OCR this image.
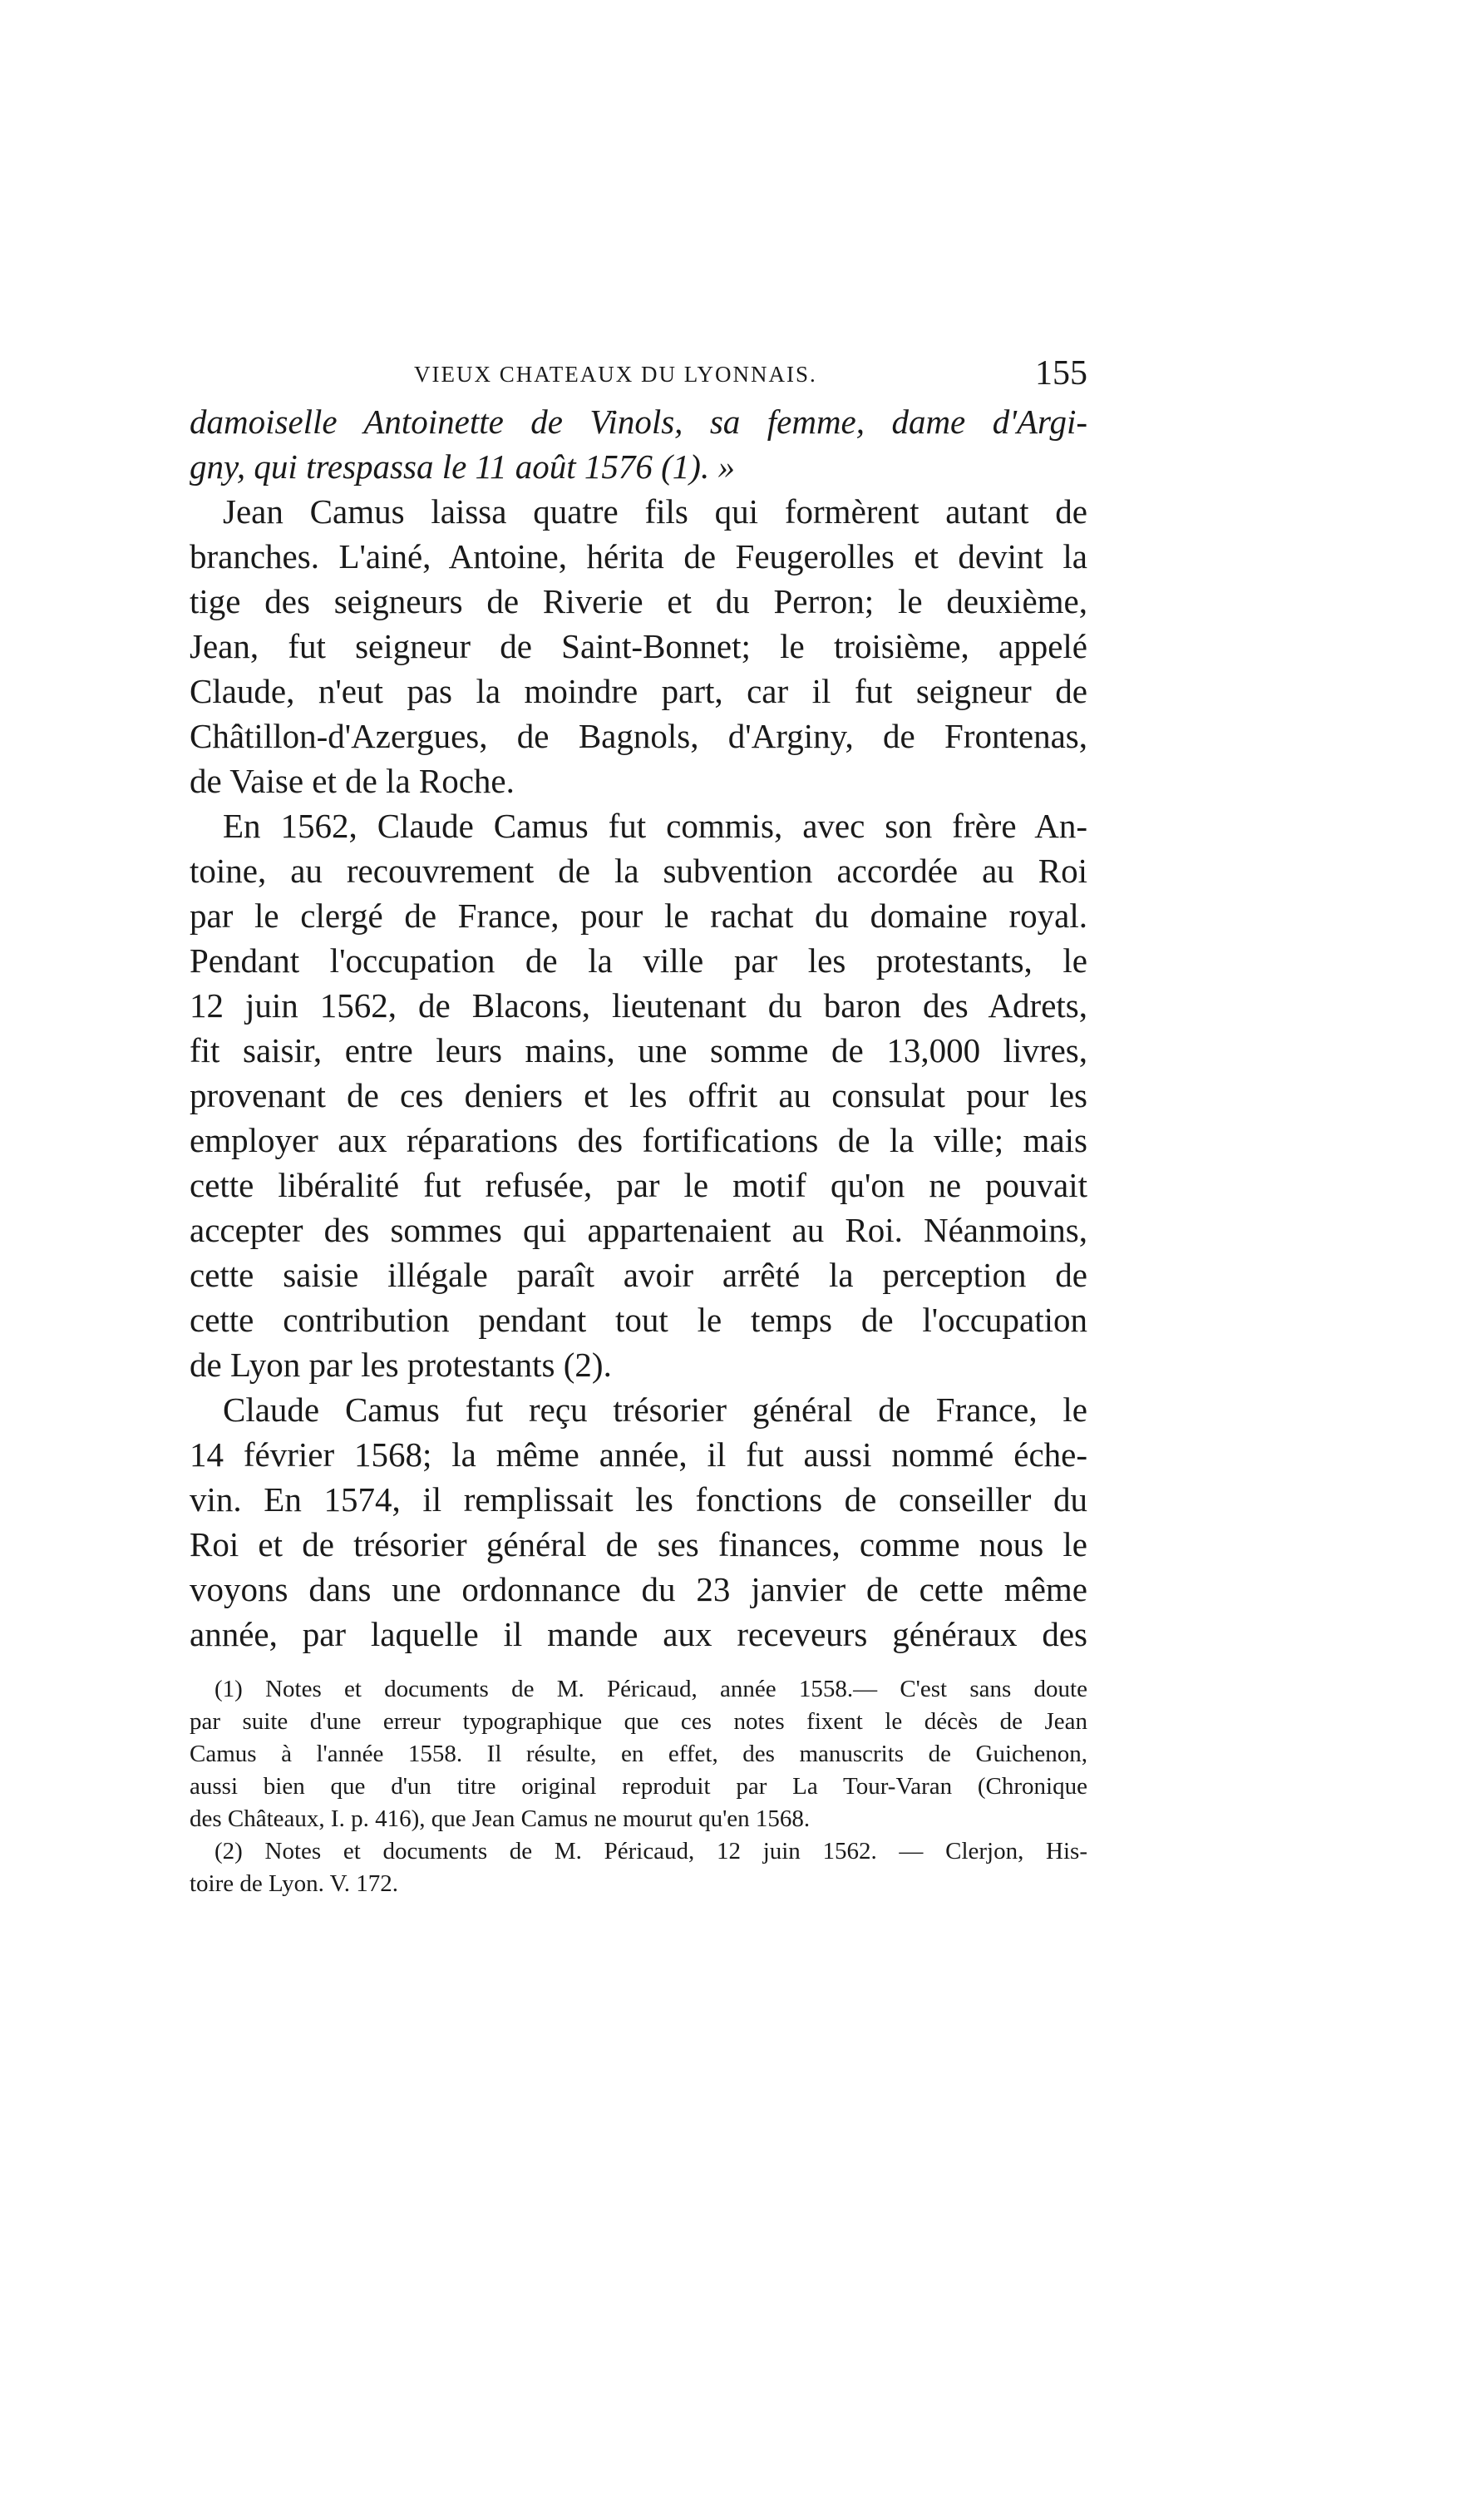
VIEUX CHATEAUX DU LYONNAIS.	155
damoiselle Antoinette de Vinols, sa femme, dame d'Argi-
gny, qui trespassa le 11 août 1576 (1). »
Jean Camus laissa quatre fils qui formèrent autant de
branches. L'ainé, Antoine, hérita de Feugerolles et devint la
tige des seigneurs de Riverie et du Perron; le deuxième,
Jean, fut seigneur de Saint-Bonnet; le troisième, appelé
Claude, n'eut pas la moindre part, car il fut seigneur de
Châtillon-d'Azergues, de Bagnols, d'Arginy, de Frontenas,
de Vaise et de la Roche.
En 1562, Claude Camus fut commis, avec son frère An-
toine, au recouvrement de la subvention accordée au Roi
par le clergé de France, pour le rachat du domaine royal.
Pendant l'occupation de la ville par les protestants, le
12 juin 1562, de Blacons, lieutenant du baron des Adrets,
fit saisir, entre leurs mains, une somme de 13,000 livres,
provenant de ces deniers et les offrit au consulat pour les
employer aux réparations des fortifications de la ville; mais
cette libéralité fut refusée, par le motif qu'on ne pouvait
accepter des sommes qui appartenaient au Roi. Néanmoins,
cette saisie illégale paraît avoir arrêté la perception de
cette contribution pendant tout le temps de l'occupation
de Lyon par les protestants (2).
Claude Camus fut reçu trésorier général de France, le
14 février 1568; la même année, il fut aussi nommé éche-
vin. En 1574, il remplissait les fonctions de conseiller du
Roi et de trésorier général de ses finances, comme nous le
voyons dans une ordonnance du 23 janvier de cette même
année, par laquelle il mande aux receveurs généraux des
(1) Notes et documents de M. Péricaud, année 1558.— C'est sans doute
par suite d'une erreur typographique que ces notes fixent le décès de Jean
Camus à l'année 1558. Il résulte, en effet, des manuscrits de Guichenon,
aussi bien que d'un titre original reproduit par La Tour-Varan (Chronique
des Châteaux, I. p. 416), que Jean Camus ne mourut qu'en 1568.
(2) Notes et documents de M. Péricaud, 12 juin 1562. — Clerjon, His-
toire de Lyon. V. 172.
